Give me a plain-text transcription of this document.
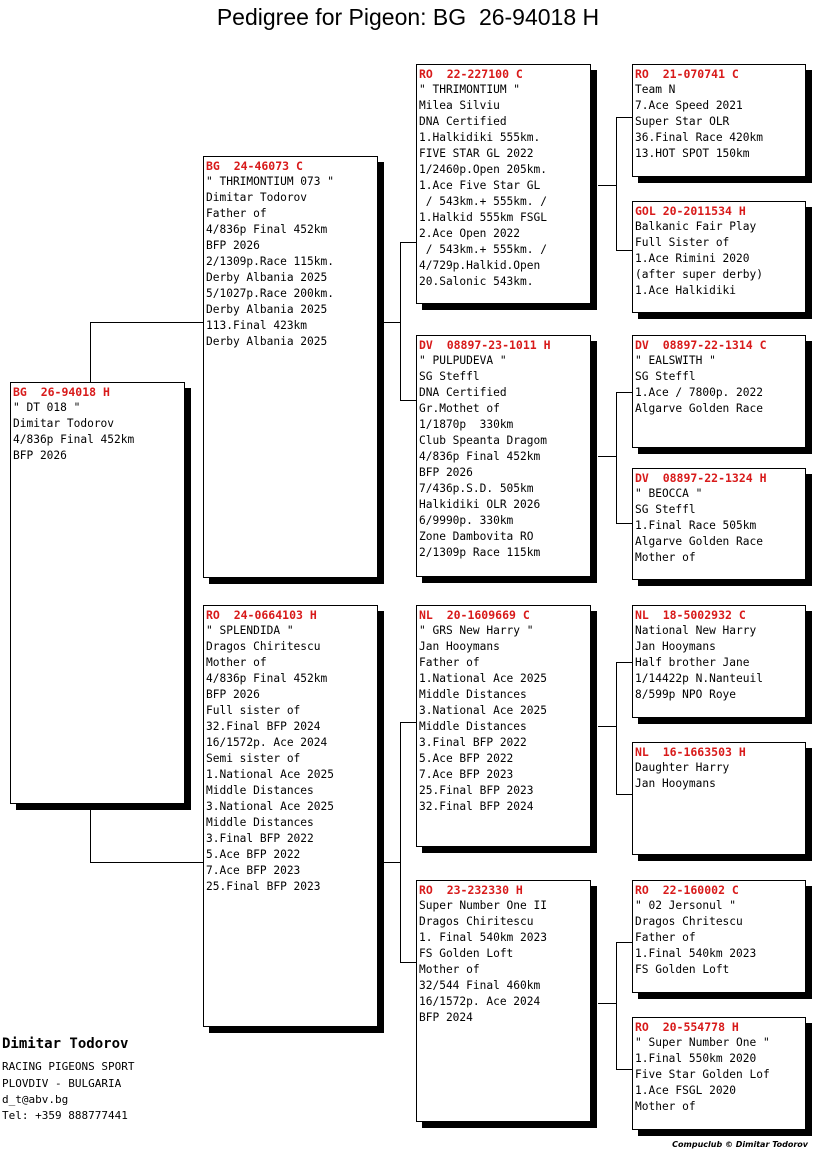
Pedigree for Pigeon: BG  26-94018 H
BG  26-94018 H
" DT 018 "
Dimitar Todorov
4/836p Final 452km
BFP 2026
BG  24-46073 C
" THRIMONTIUM 073 "
Dimitar Todorov
Father of
4/836p Final 452km
BFP 2026
2/1309p.Race 115km.
Derby Albania 2025
5/1027p.Race 200km.
Derby Albania 2025
113.Final 423km
Derby Albania 2025
RO  24-0664103 H
" SPLENDIDA "
Dragos Chiritescu
Mother of
4/836p Final 452km
BFP 2026
Full sister of
32.Final BFP 2024
16/1572p. Ace 2024
Semi sister of
1.National Ace 2025
Middle Distances
3.National Ace 2025
Middle Distances
3.Final BFP 2022
5.Ace BFP 2022
7.Ace BFP 2023
25.Final BFP 2023
RO  22-227100 C
" THRIMONTIUM "
Milea Silviu
DNA Certified
1.Halkidiki 555km.
FIVE STAR GL 2022
1/2460p.Open 205km.
1.Ace Five Star GL
/ 543km.+ 555km. /
1.Halkid 555km FSGL
2.Ace Open 2022
/ 543km.+ 555km. /
4/729p.Halkid.Open
20.Salonic 543km.
DV  08897-23-1011 H
" PULPUDEVA "
SG Steffl
DNA Certified
Gr.Mothet of
1/1870p  330km
Club Speanta Dragom
4/836p Final 452km
BFP 2026
7/436p.S.D. 505km
Halkidiki OLR 2026
6/9990p. 330km
Zone Dambovita RO
2/1309p Race 115km
NL  20-1609669 C
" GRS New Harry "
Jan Hooymans
Father of
1.National Ace 2025
Middle Distances
3.National Ace 2025
Middle Distances
3.Final BFP 2022
5.Ace BFP 2022
7.Ace BFP 2023
25.Final BFP 2023
32.Final BFP 2024
RO  23-232330 H
Super Number One II
Dragos Chiritescu
1. Final 540km 2023
FS Golden Loft
Mother of
32/544 Final 460km
16/1572p. Ace 2024
BFP 2024
RO  21-070741 C
Team N
7.Ace Speed 2021
Super Star OLR
36.Final Race 420km
13.HOT SPOT 150km
GOL 20-2011534 H
Balkanic Fair Play
Full Sister of
1.Ace Rimini 2020
(after super derby)
1.Ace Halkidiki
DV  08897-22-1314 C
" EALSWITH "
SG Steffl
1.Ace / 7800p. 2022
Algarve Golden Race
DV  08897-22-1324 H
" BEOCCA "
SG Steffl
1.Final Race 505km
Algarve Golden Race
Mother of
NL  18-5002932 C
National New Harry
Jan Hooymans
Half brother Jane
1/14422p N.Nanteuil
8/599p NPO Roye
NL  16-1663503 H
Daughter Harry
Jan Hooymans
RO  22-160002 C
" 02 Jersonul "
Dragos Chritescu
Father of
1.Final 540km 2023
FS Golden Loft
RO  20-554778 H
" Super Number One "
1.Final 550km 2020
Five Star Golden Lof
1.Ace FSGL 2020
Mother of
Dimitar Todorov
RACING PIGEONS SPORT
PLOVDIV - BULGARIA
d_t@abv.bg
Tel: +359 888777441
Compuclub © Dimitar Todorov
